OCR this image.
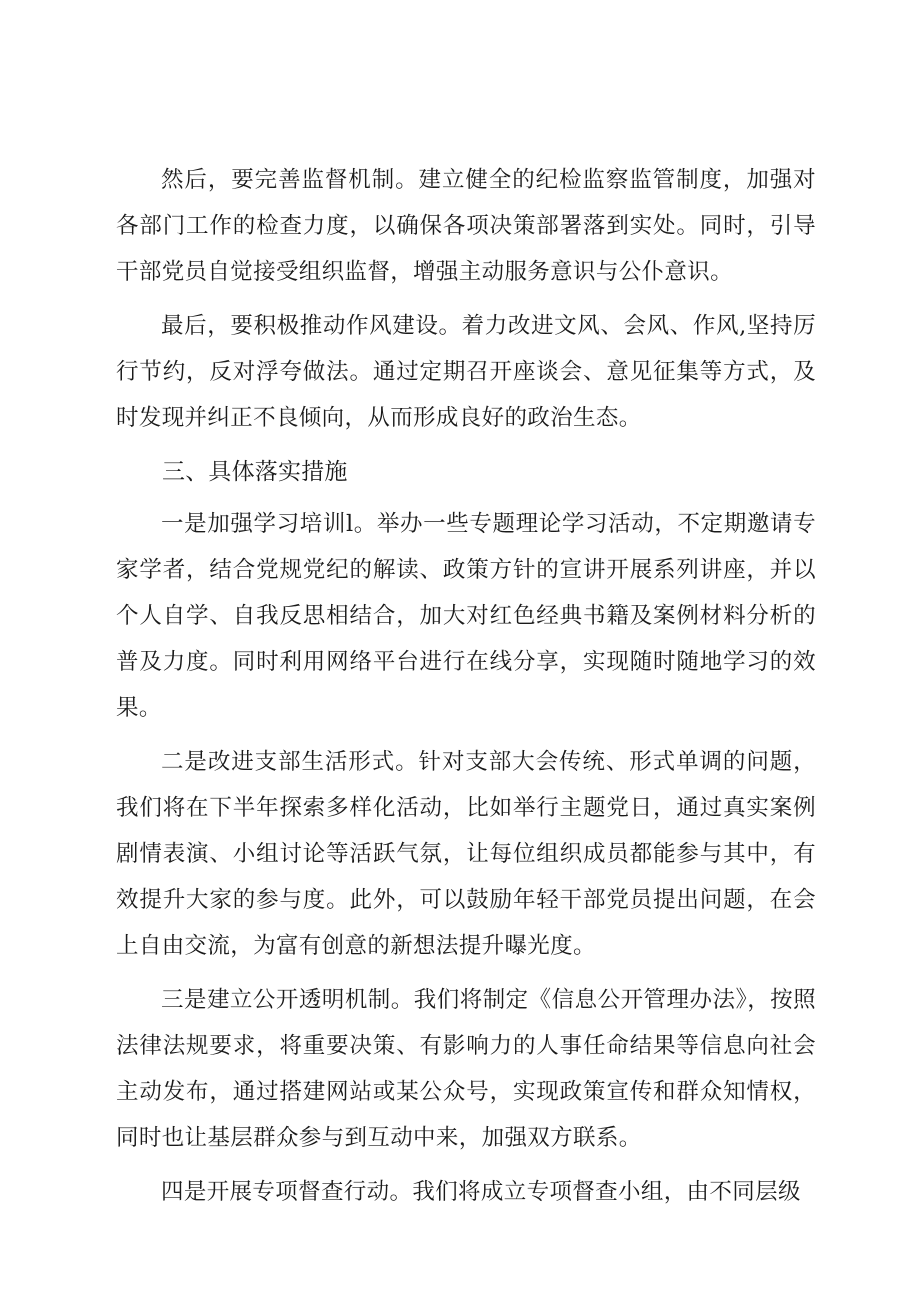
然后，要完善监督机制。建立健全的纪检监察监管制度，加强对各部门工作的检查力度，以确保各项决策部署落到实处。同时，引导干部党员自觉接受组织监督，增强主动服务意识与公仆意识。

最后，要积极推动作风建设。着力改进文风、会风、作风,坚持厉行节约，反对浮夸做法。通过定期召开座谈会、意见征集等方式，及时发现并纠正不良倾向，从而形成良好的政治生态。

三、具体落实措施

一是加强学习培训l。举办一些专题理论学习活动，不定期邀请专家学者，结合党规党纪的解读、政策方针的宣讲开展系列讲座，并以个人自学、自我反思相结合，加大对红色经典书籍及案例材料分析的普及力度。同时利用网络平台进行在线分享，实现随时随地学习的效果。

二是改进支部生活形式。针对支部大会传统、形式单调的问题，我们将在下半年探索多样化活动，比如举行主题党日，通过真实案例剧情表演、小组讨论等活跃气氛，让每位组织成员都能参与其中，有效提升大家的参与度。此外，可以鼓励年轻干部党员提出问题，在会上自由交流，为富有创意的新想法提升曝光度。

三是建立公开透明机制。我们将制定《信息公开管理办法》，按照法律法规要求，将重要决策、有影响力的人事任命结果等信息向社会主动发布，通过搭建网站或某公众号，实现政策宣传和群众知情权，同时也让基层群众参与到互动中来，加强双方联系。

四是开展专项督查行动。我们将成立专项督查小组，由不同层级
